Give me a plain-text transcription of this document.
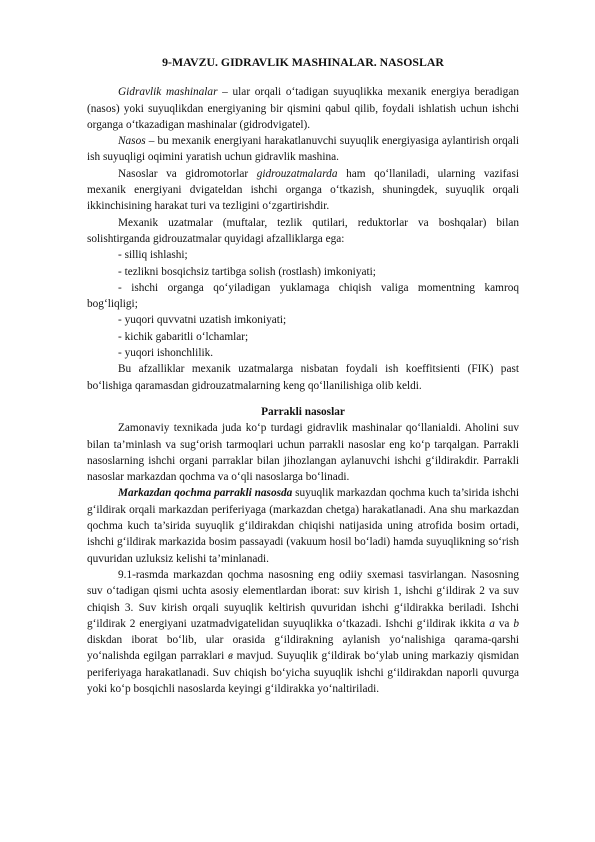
9-MAVZU. GIDRAVLIK MASHINALAR. NASOSLAR

Gidravlik mashinalar – ular orqali o‘tadigan suyuqlikka mexanik energiya beradigan (nasos) yoki suyuqlikdan energiyaning bir qismini qabul qilib, foydali ishlatish uchun ishchi organga o‘tkazadigan mashinalar (gidrodvigatel).

Nasos – bu mexanik energiyani harakatlanuvchi suyuqlik energiyasiga aylantirish orqali ish suyuqligi oqimini yaratish uchun gidravlik mashina.

Nasoslar va gidromotorlar gidrouzatmalarda ham qo‘llaniladi, ularning vazifasi mexanik energiyani dvigateldan ishchi organga o‘tkazish, shuningdek, suyuqlik orqali ikkinchisining harakat turi va tezligini o‘zgartirishdir.

Mexanik uzatmalar (muftalar, tezlik qutilari, reduktorlar va boshqalar) bilan solishtirganda gidrouzatmalar quyidagi afzalliklarga ega:

- silliq ishlashi;
- tezlikni bosqichsiz tartibga solish (rostlash) imkoniyati;
- ishchi organga qo‘yiladigan yuklamaga chiqish valiga momentning kamroq bog‘liqligi;
- yuqori quvvatni uzatish imkoniyati;
- kichik gabaritli o‘lchamlar;
- yuqori ishonchlilik.

Bu afzalliklar mexanik uzatmalarga nisbatan foydali ish koeffitsienti (FIK) past bo‘lishiga qaramasdan gidrouzatmalarning keng qo‘llanilishiga olib keldi.

Parrakli nasoslar

Zamonaviy texnikada juda ko‘p turdagi gidravlik mashinalar qo‘llanialdi. Aholini suv bilan ta’minlash va sug‘orish tarmoqlari uchun parrakli nasoslar eng ko‘p tarqalgan. Parrakli nasoslarning ishchi organi parraklar bilan jihozlangan aylanuvchi ishchi g‘ildirakdir. Parrakli nasoslar markazdan qochma va o‘qli nasoslarga bo‘linadi.

Markazdan qochma parrakli nasosda suyuqlik markazdan qochma kuch ta’sirida ishchi g‘ildirak orqali markazdan periferiyaga (markazdan chetga) harakatlanadi. Ana shu markazdan qochma kuch ta’sirida suyuqlik g‘ildirakdan chiqishi natijasida uning atrofida bosim ortadi, ishchi g‘ildirak markazida bosim passayadi (vakuum hosil bo‘ladi) hamda suyuqlikning so‘rish quvuridan uzluksiz kelishi ta’minlanadi.

9.1-rasmda markazdan qochma nasosning eng odiiy sxemasi tasvirlangan. Nasosning suv o‘tadigan qismi uchta asosiy elementlardan iborat: suv kirish 1, ishchi g‘ildirak 2 va suv chiqish 3. Suv kirish orqali suyuqlik keltirish quvuridan ishchi g‘ildirakka beriladi. Ishchi g‘ildirak 2 energiyani uzatmadvigatelidan suyuqlikka o‘tkazadi. Ishchi g‘ildirak ikkita a va b diskdan iborat bo‘lib, ular orasida g‘ildirakning aylanish yo‘nalishiga qarama-qarshi yo‘nalishda egilgan parraklari в mavjud. Suyuqlik g‘ildirak bo‘ylab uning markaziy qismidan periferiyaga harakatlanadi. Suv chiqish bo‘yicha suyuqlik ishchi g‘ildirakdan naporli quvurga yoki ko‘p bosqichli nasoslarda keyingi g‘ildirakka yo‘naltiriladi.
